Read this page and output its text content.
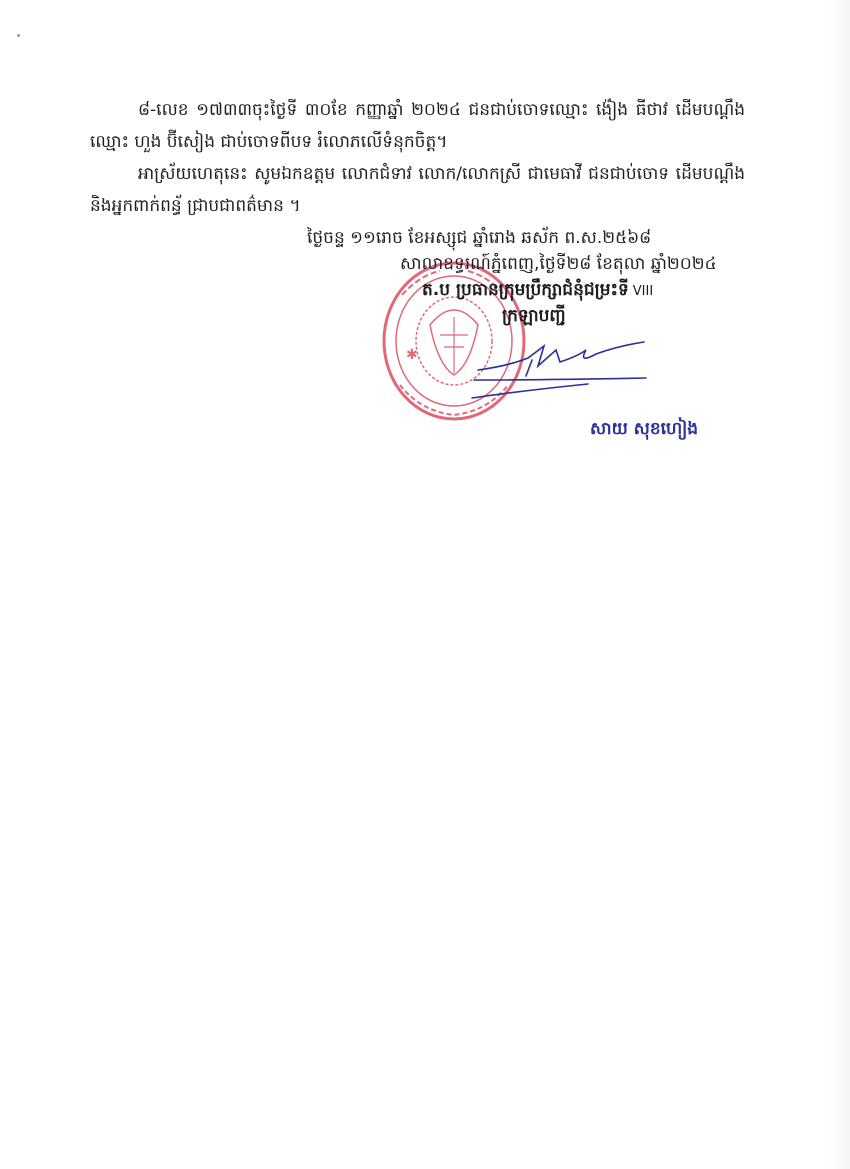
៨-លេខ ១៧៣៣ចុះថ្ងៃទី ៣០ខែ កញ្ញាឆ្នាំ ២០២៤ ជនជាប់ចោទឈ្មោះ ង៉ៀង ធីថាវ ដើមបណ្តឹងឈ្មោះ ហួង ប៊ីសៀង ជាប់ចោទពីបទ រំលោភលើទំនុកចិត្ត។

អាស្រ័យហេតុនេះ សូមឯកឧត្តម លោកជំទាវ លោក/លោកស្រី ជាមេធាវី ជនជាប់ចោទ ដើមបណ្តឹង និងអ្នកពាក់ពន្ធ័ ជ្រាបជាពត៌មាន ។

ថ្ងៃចន្ទ ១១រោច ខែអស្សុជ ឆ្នាំរោង ឆស័ក ព.ស.២៥៦៨
✱
សាលាឧទ្ធរណ៍ភ្នំពេញ,ថ្ងៃទី២៨ ខែតុលា ឆ្នាំ២០២៤
ត.ប ប្រធានក្រុមប្រឹក្សាជំនុំជម្រះទី VIII
ក្រឡាបញ្ជី
សាយ សុខហៀង
